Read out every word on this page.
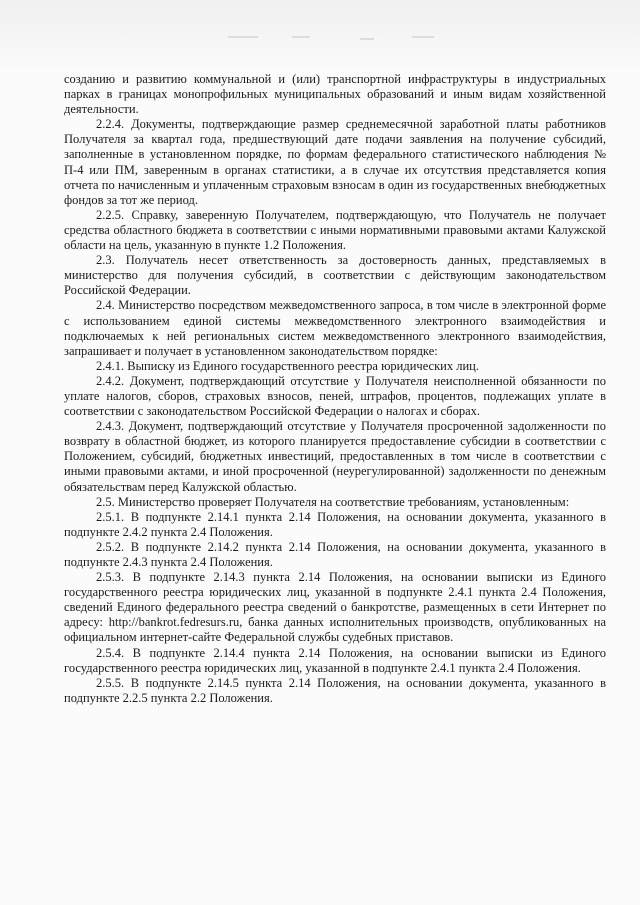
созданию и развитию коммунальной и (или) транспортной инфраструктуры в индустриальных парках в границах монопрофильных муниципальных образований и иным видам хозяйственной деятельности.

2.2.4. Документы, подтверждающие размер среднемесячной заработной платы работников Получателя за квартал года, предшествующий дате подачи заявления на получение субсидий, заполненные в установленном порядке, по формам федерального статистического наблюдения № П-4 или ПМ, заверенным в органах статистики, а в случае их отсутствия представляется копия отчета по начисленным и уплаченным страховым взносам в один из государственных внебюджетных фондов за тот же период.

2.2.5. Справку, заверенную Получателем, подтверждающую, что Получатель не получает средства областного бюджета в соответствии с иными нормативными правовыми актами Калужской области на цель, указанную в пункте 1.2 Положения.

2.3. Получатель несет ответственность за достоверность данных, представляемых в министерство для получения субсидий, в соответствии с действующим законодательством Российской Федерации.

2.4. Министерство посредством межведомственного запроса, в том числе в электронной форме с использованием единой системы межведомственного электронного взаимодействия и подключаемых к ней региональных систем межведомственного электронного взаимодействия, запрашивает и получает в установленном законодательством порядке:

2.4.1. Выписку из Единого государственного реестра юридических лиц.

2.4.2. Документ, подтверждающий отсутствие у Получателя неисполненной обязанности по уплате налогов, сборов, страховых взносов, пеней, штрафов, процентов, подлежащих уплате в соответствии с законодательством Российской Федерации о налогах и сборах.

2.4.3. Документ, подтверждающий отсутствие у Получателя просроченной задолженности по возврату в областной бюджет, из которого планируется предоставление субсидии в соответствии с Положением, субсидий, бюджетных инвестиций, предоставленных в том числе в соответствии с иными правовыми актами, и иной просроченной (неурегулированной) задолженности по денежным обязательствам перед Калужской областью.

2.5. Министерство проверяет Получателя на соответствие требованиям, установленным:

2.5.1. В подпункте 2.14.1 пункта 2.14 Положения, на основании документа, указанного в подпункте 2.4.2 пункта 2.4 Положения.

2.5.2. В подпункте 2.14.2 пункта 2.14 Положения, на основании документа, указанного в подпункте 2.4.3 пункта 2.4 Положения.

2.5.3. В подпункте 2.14.3 пункта 2.14 Положения, на основании выписки из Единого государственного реестра юридических лиц, указанной в подпункте 2.4.1 пункта 2.4 Положения, сведений Единого федерального реестра сведений о банкротстве, размещенных в сети Интернет по адресу: http://bankrot.fedresurs.ru, банка данных исполнительных производств, опубликованных на официальном интернет-сайте Федеральной службы судебных приставов.

2.5.4. В подпункте 2.14.4 пункта 2.14 Положения, на основании выписки из Единого государственного реестра юридических лиц, указанной в подпункте 2.4.1 пункта 2.4 Положения.

2.5.5. В подпункте 2.14.5 пункта 2.14 Положения, на основании документа, указанного в подпункте 2.2.5 пункта 2.2 Положения.
